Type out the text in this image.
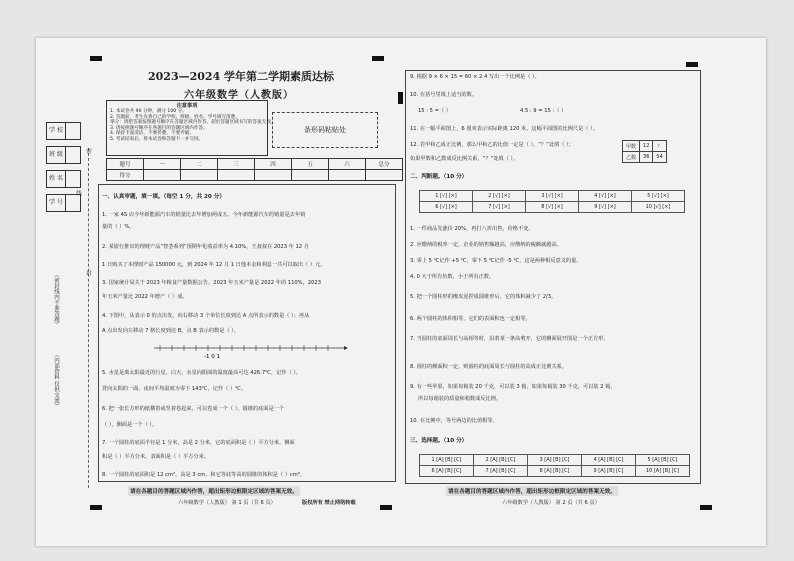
学 校
班 级
姓 名
学 号
密
封
线
（密封线内不准答题）
（内部资料 仅供交流）
2023—2024 学年第二学期素质达标
六年级数学（人教版）
注意事项
1. 本试卷共 90 分钟，满分 100 分。
2. 答题前，考生先将自己的学校、班级、姓名、学号填写清楚。
零分：请把答案按照题号顺序在答题区域内作答，超出答题区域书写的答案无效。
3. 请按照题号顺序在各题目的答题区域内作答。
4. 保持卡面清洁，不要折叠，不要弄破。
5. 考试结束后，将本试卷和答题卡一并交回。
条形码粘贴处
题号	一	二	三	四	五	六	总分
得分							
一、认真审题，填一填。（每空 1 分，共 20 分）
1. 一家 4S 店今年新能源汽车的销量比去年增加两成五。今年新能源汽车的销量是去年销
量的（ ）%。
2. 某银行推出的理财产品“智荟系列”预期年化收益率为 4.10%，王叔叔在 2023 年 12 月
1 日购买了本理财产品 150000 元，到 2024 年 12 月 1 日他本金和利息一共可以取出（ ）元。
3. 国家统计局关于 2023 年粮食产量数据公告，2023 年玉米产量是 2022 年的 110%，2023
年玉米产量比 2022 年增产（ ）成。
4. 下图中，从表示 0 的点出发，向右移动 3 个单位长度到达 A 点所表示的数是（ ）；再从
A 点出发向左移动 7 格长度到达 B，点 B 表示的数是（ ）。
-1 0 1
5. 水星是离太阳最近的行星，白天，水星向阳面的温度最高可达 426.7℃，记作（ ），
背向太阳的一面，夜间平均温度为零下 143℃，记作（ ）℃。
6. 把一张长方形的纸横着或竖着卷起来，可以卷成一个（ ）。圆锥的底面是一个
（ ），侧面是一个（ ）。
7. 一个圆柱的底面半径是 1 分米，高是 2 分米，它的底面积是（ ）平方分米，侧面
积是（ ）平方分米，表面积是（ ）平方分米。
8. 一个圆柱的底面积是 12 cm²，高是 3 cm，和它等底等高的圆锥的体积是（ ）cm³。
请在各题目的答题区域内作答，超出矩形边框限定区域的答案无效。
六年级数学（人教版） 第 1 页（共 6 页）	版权所有 禁止网络转载
9. 根据 9 × 6 × 15 = 60 × 2.4 写出一个比例是（ ）。
10. 在括号里填上适当的数。
15 : 5 =（ ）	4.5 : 9 = 15 :（ ）
11. 在一幅平面图上，6 厘米表示实际距离 120 米，这幅平面图的比例尺是（ ）。
12. 若甲和乙成正比例，那么甲和乙的比值一定是（ ），“？”处填（ ）；
如果甲数和乙数成反比例关系，“？”处填（ ）。
甲数	12	？
乙数	36	54
二、判断题。（10 分）
1 [√] [×]	2 [√] [×]	3 [√] [×]	4 [√] [×]	5 [√] [×]
6 [√] [×]	7 [√] [×]	8 [√] [×]	9 [√] [×]	10 [√] [×]
1. 一件商品先涨价 20%，再打八折出售，价格不变。
2. 应缴纳的税率一定，企业的销售额越高，应缴纳的税额就越高。
3. 零上 5 ℃记作 +5 ℃，零下 5 ℃记作 -5 ℃，这是两种相反意义的量。
4. 0 大于所有负数，小于所有正数。
5. 把一个圆柱形的橡皮泥捏成圆锥形后，它的体积减少了 2/3。
6. 两个圆柱的体积相等，它们的表面积也一定相等。
7. 当圆柱的底面周长与高相等时，沿着某一条高剪开，它的侧面展开图是一个正方形。
8. 圆柱的侧面积一定，则圆柱的底面周长与圆柱的高成正比例关系。
9. 有一些苹果，如果每箱装 20 千克，可以装 3 箱，如果每箱装 30 千克，可以装 2 箱，
所以每箱装的质量和箱数成反比例。
10. 在比例中，等号两边的比值相等。
三、选择题。（10 分）
1 [A] [B] [C]	2 [A] [B] [C]	3 [A] [B] [C]	4 [A] [B] [C]	5 [A] [B] [C]
6 [A] [B] [C]	7 [A] [B] [C]	8 [A] [B] [C]	9 [A] [B] [C]	10 [A] [B] [C]
请在各题目的答题区域内作答，超出矩形边框限定区域的答案无效。
六年级数学（人教版） 第 2 页（共 6 页）
